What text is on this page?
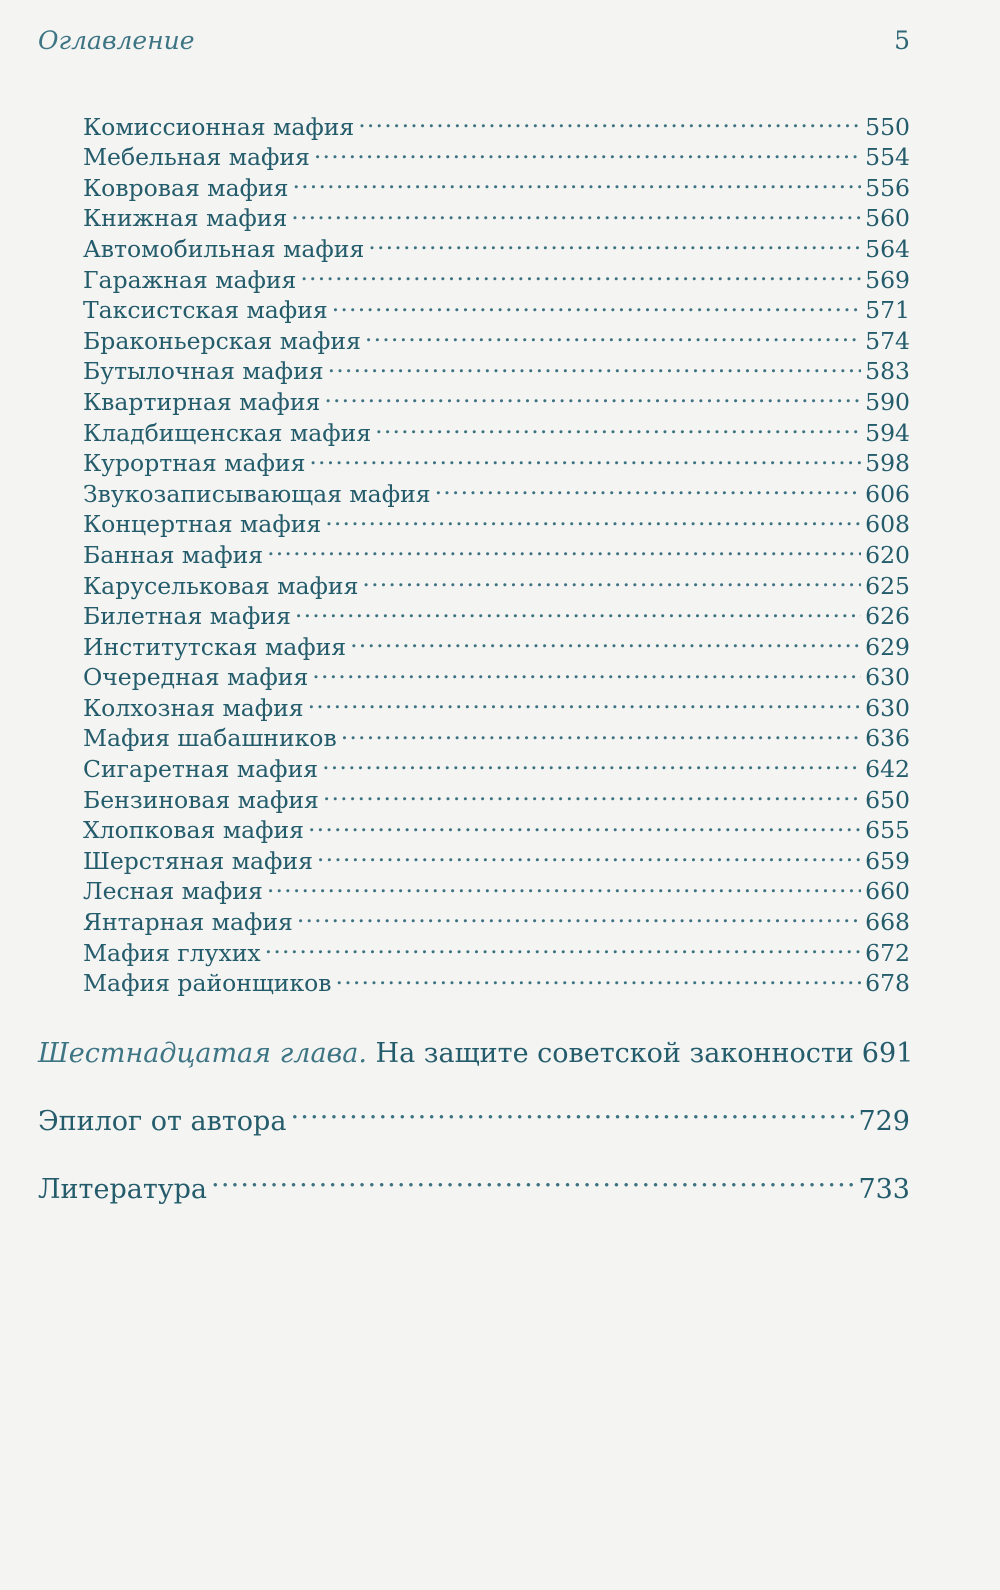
Оглавление	5
Комиссионная мафия .....	550
Мебельная мафия .....	554
Ковровая мафия .....	556
Книжная мафия .....	560
Автомобильная мафия .....	564
Гаражная мафия .....	569
Таксистская мафия .....	571
Браконьерская мафия .....	574
Бутылочная мафия .....	583
Квартирная мафия .....	590
Кладбищенская мафия .....	594
Курортная мафия .....	598
Звукозаписывающая мафия .....	606
Концертная мафия .....	608
Банная мафия .....	620
Карусельковая мафия .....	625
Билетная мафия .....	626
Институтская мафия .....	629
Очередная мафия .....	630
Колхозная мафия .....	630
Мафия шабашников .....	636
Сигаретная мафия .....	642
Бензиновая мафия .....	650
Хлопковая мафия .....	655
Шерстяная мафия .....	659
Лесная мафия .....	660
Янтарная мафия .....	668
Мафия глухих .....	672
Мафия районщиков .....	678
Шестнадцатая глава. На защите советской законности 691
Эпилог от автора .....	729
Литература .....	733
